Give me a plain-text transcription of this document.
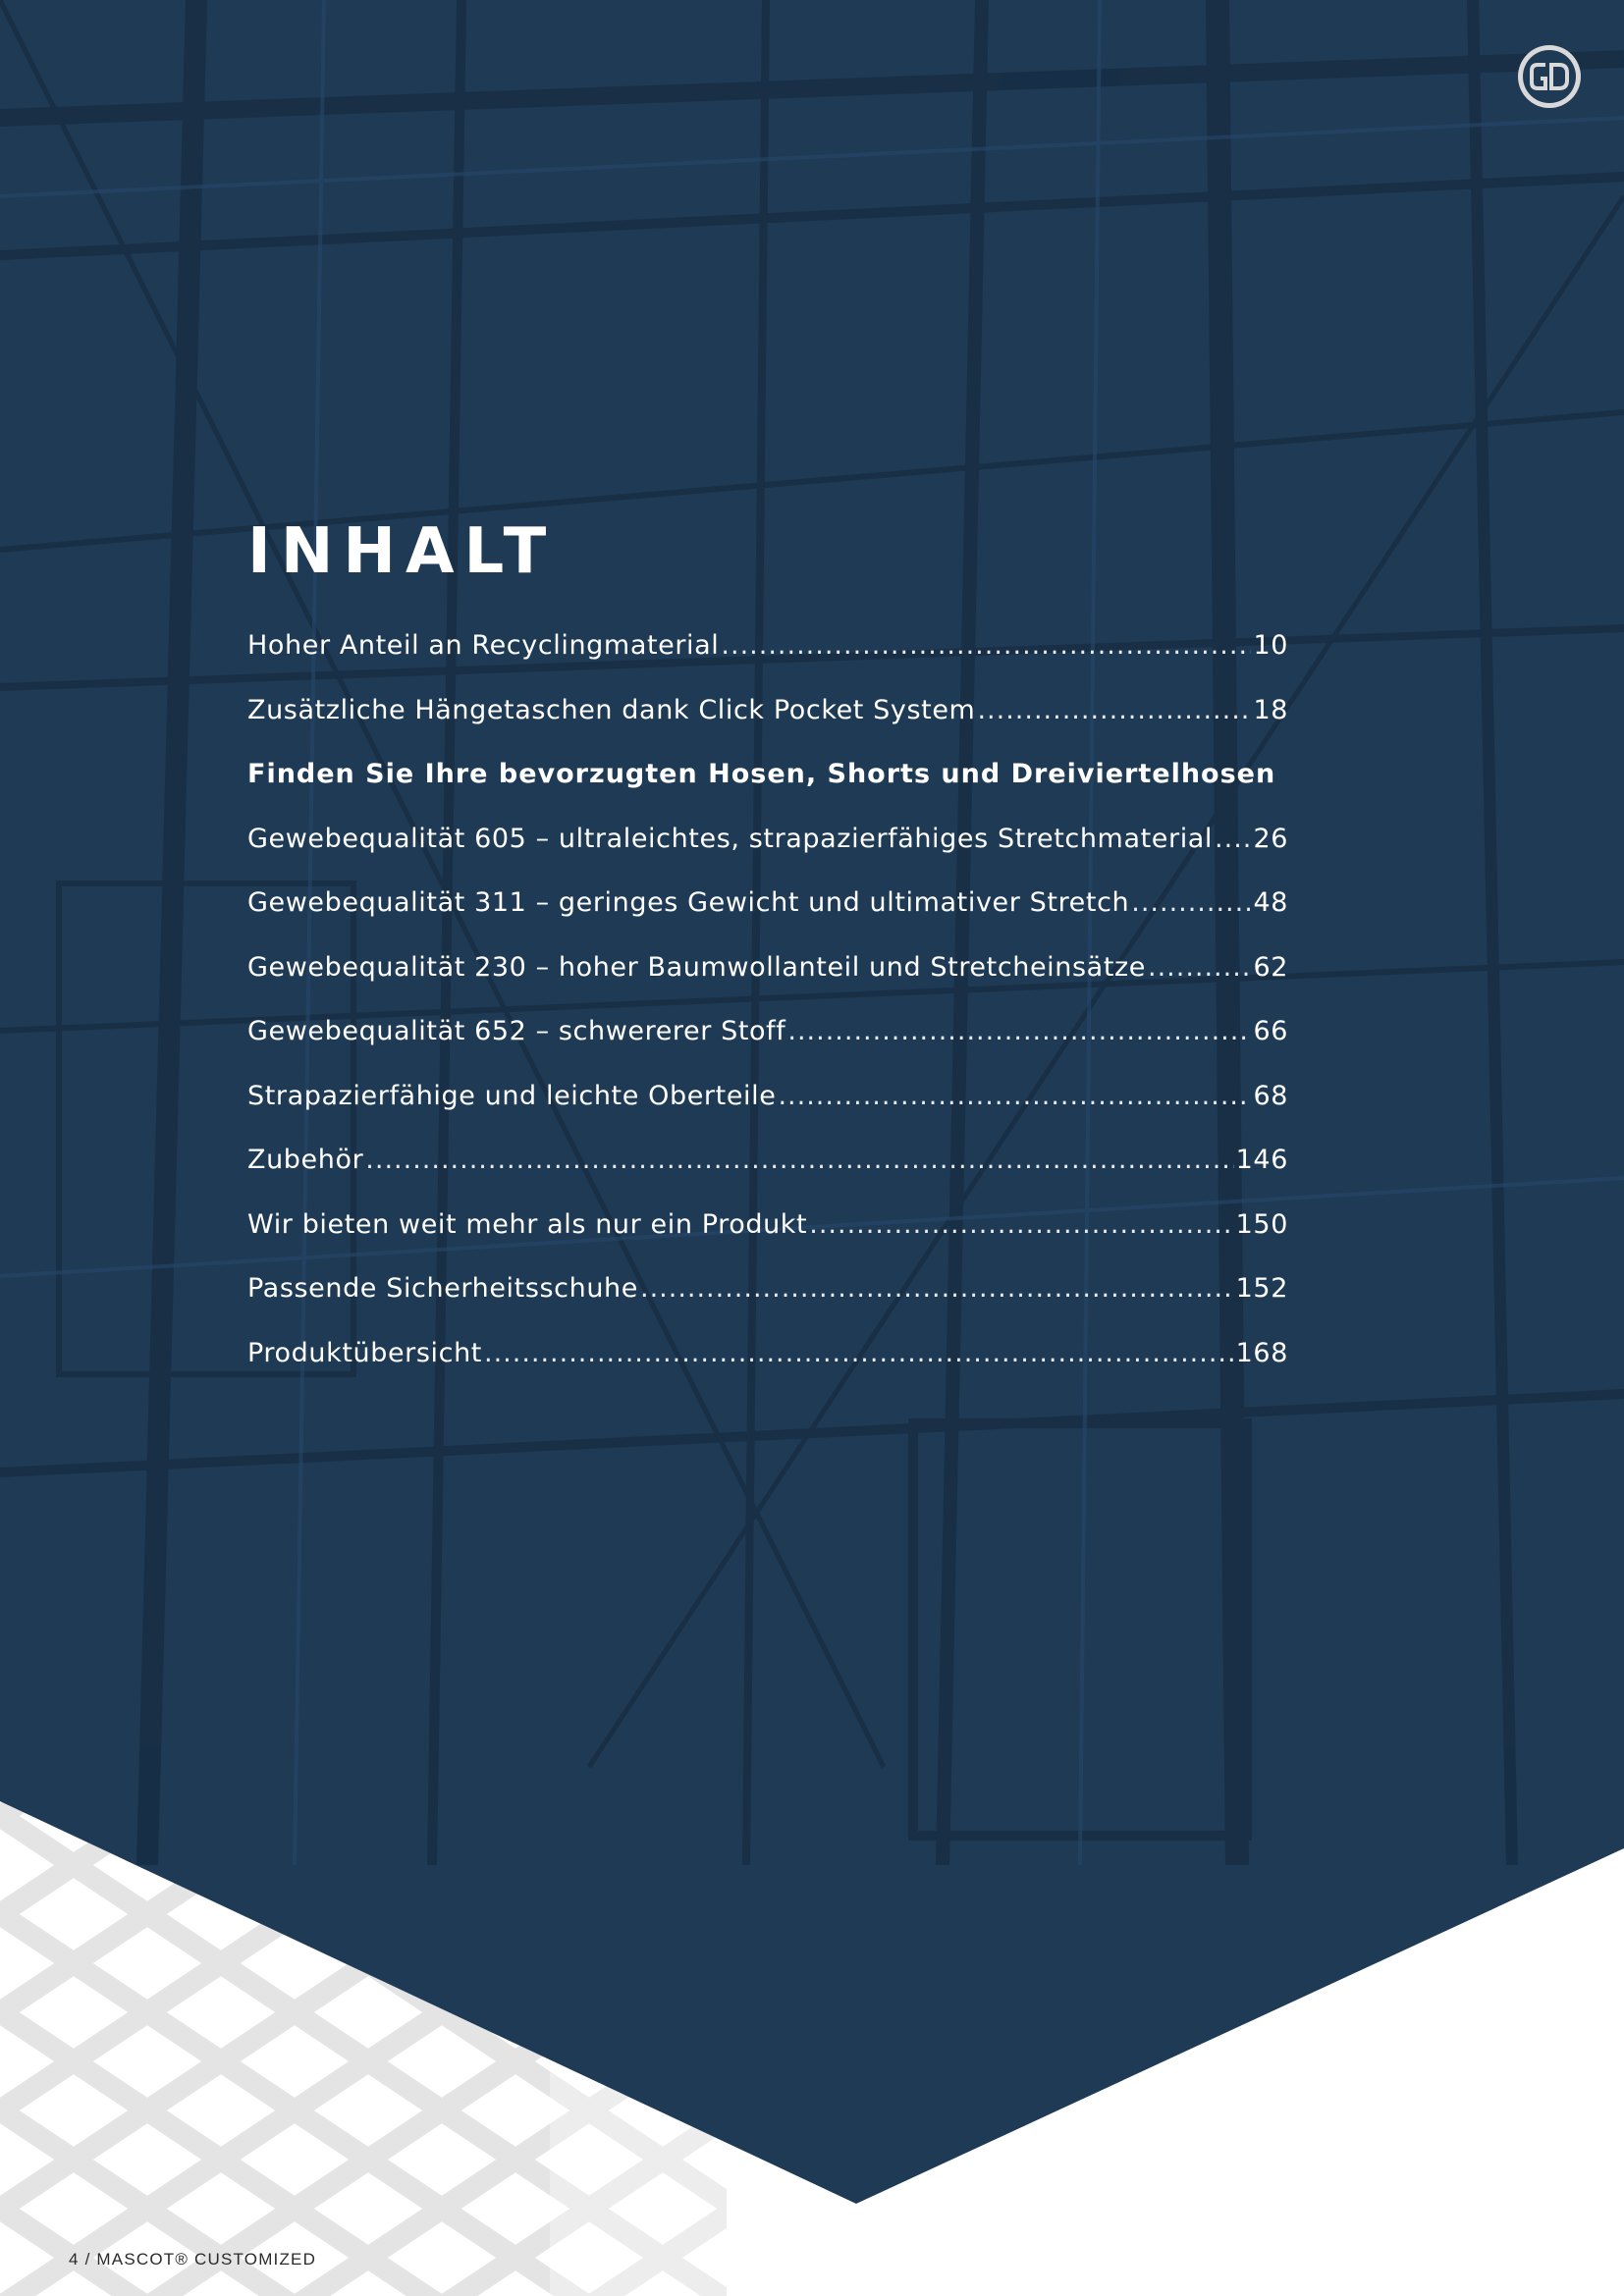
INHALT
Hoher Anteil an Recyclingmaterial .....	10
Zusätzliche Hängetaschen dank Click Pocket System .....	18
Finden Sie Ihre bevorzugten Hosen, Shorts und Dreiviertelhosen
Gewebequalität 605 – ultraleichtes, strapazierfähiges Stretchmaterial ..... 26
Gewebequalität 311 – geringes Gewicht und ultimativer Stretch .....	48
Gewebequalität 230 – hoher Baumwollanteil und Stretcheinsätze .....	62
Gewebequalität 652 – schwererer Stoff .....	66
Strapazierfähige und leichte Oberteile .....	68
Zubehör .....	146
Wir bieten weit mehr als nur ein Produkt .....	150
Passende Sicherheitsschuhe .....	152
Produktübersicht .....	168
4 / MASCOT® CUSTOMIZED
